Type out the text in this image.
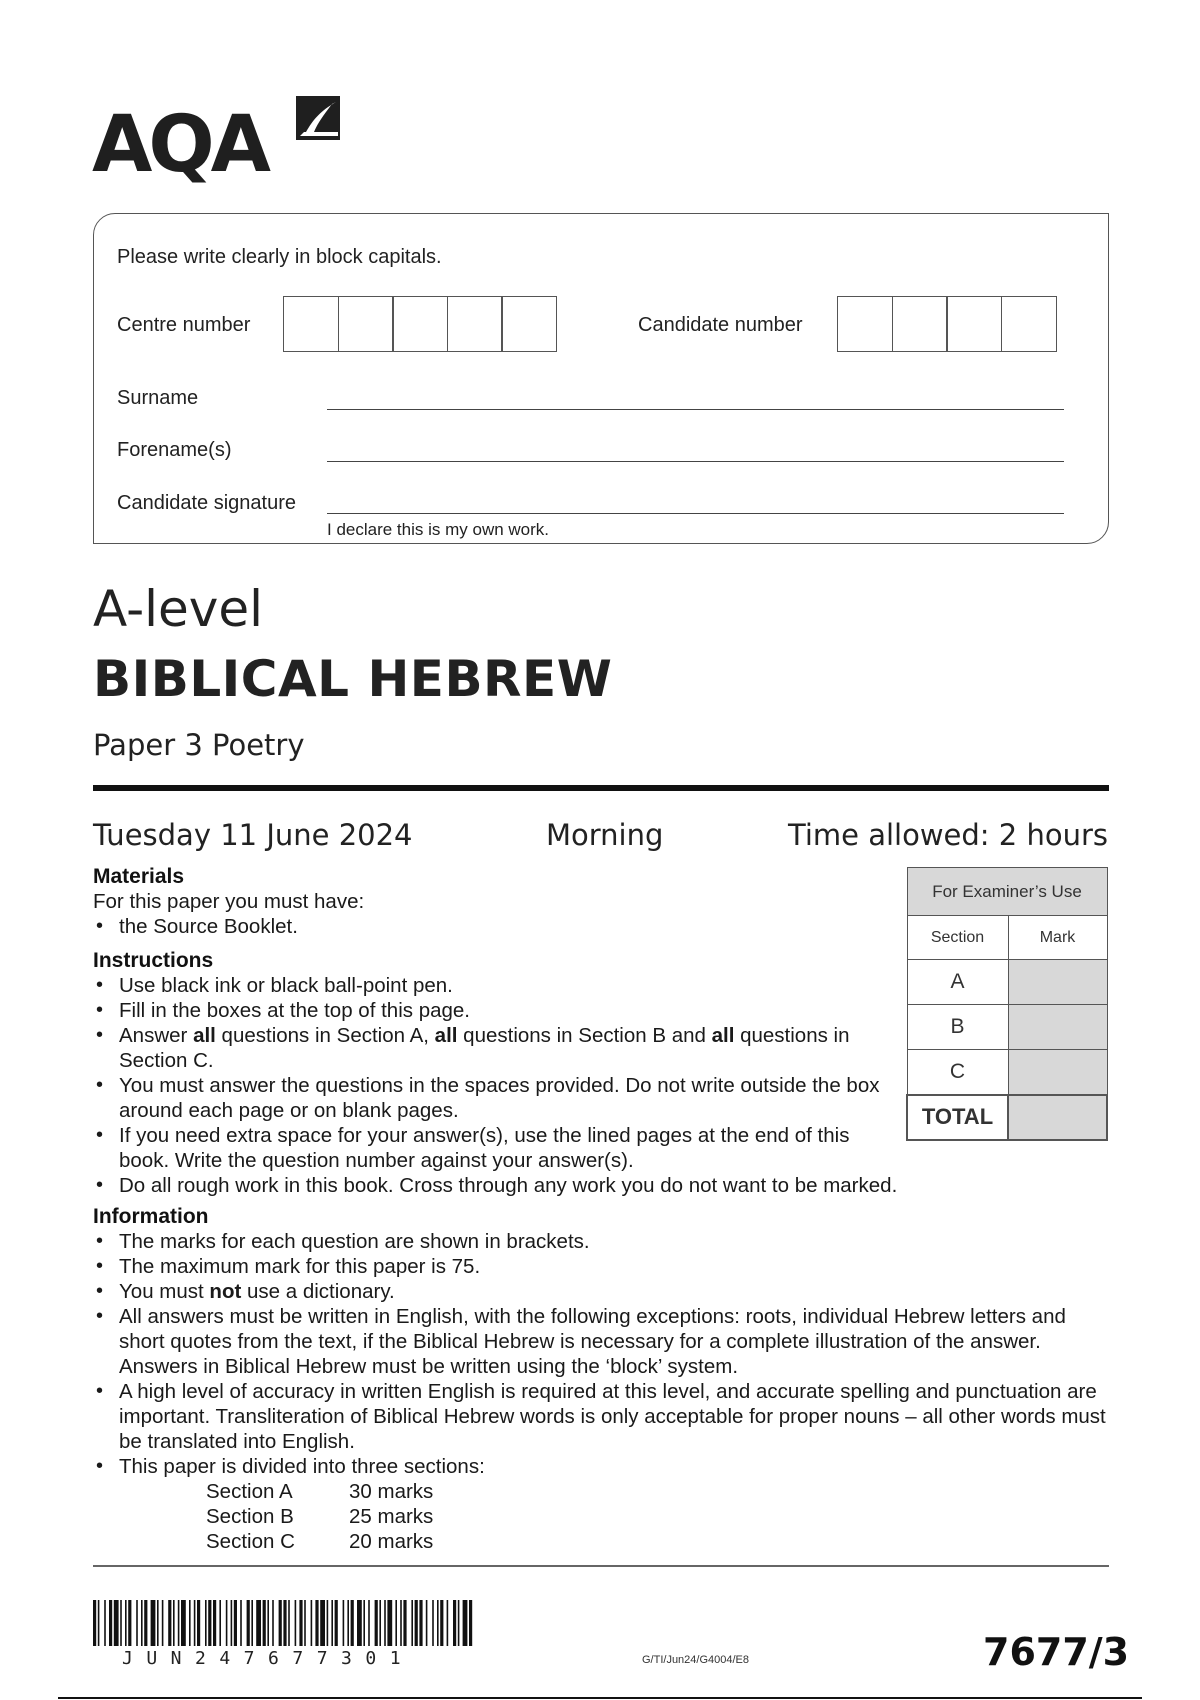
AQA
Please write clearly in block capitals.
Centre number	Candidate number
Surname
Forename(s)
Candidate signature
I declare this is my own work.
A-level
BIBLICAL HEBREW
Paper 3 Poetry
Tuesday 11 June 2024	Morning	Time allowed: 2 hours
For Examiner’s Use	
Section	Mark
A	
B	
C	
TOTAL	
Materials
For this paper you must have:
• the Source Booklet.
Instructions
• Use black ink or black ball-point pen.
• Fill in the boxes at the top of this page.
• Answer all questions in Section A, all questions in Section B and all questions in Section C.
• You must answer the questions in the spaces provided. Do not write outside the box around each page or on blank pages.
• If you need extra space for your answer(s), use the lined pages at the end of this book. Write the question number against your answer(s).
• Do all rough work in this book. Cross through any work you do not want to be marked.
Information
• The marks for each question are shown in brackets.
• The maximum mark for this paper is 75.
• You must not use a dictionary.
• All answers must be written in English, with the following exceptions: roots, individual Hebrew letters and short quotes from the text, if the Biblical Hebrew is necessary for a complete illustration of the answer. Answers in Biblical Hebrew must be written using the ‘block’ system.
• A high level of accuracy in written English is required at this level, and accurate spelling and punctuation are important. Transliteration of Biblical Hebrew words is only acceptable for proper nouns – all other words must be translated into English.
• This paper is divided into three sections:
Section A	30 marks
Section B	25 marks
Section C	20 marks
JUN247677301	G/TI/Jun24/G4004/E8	7677/3
